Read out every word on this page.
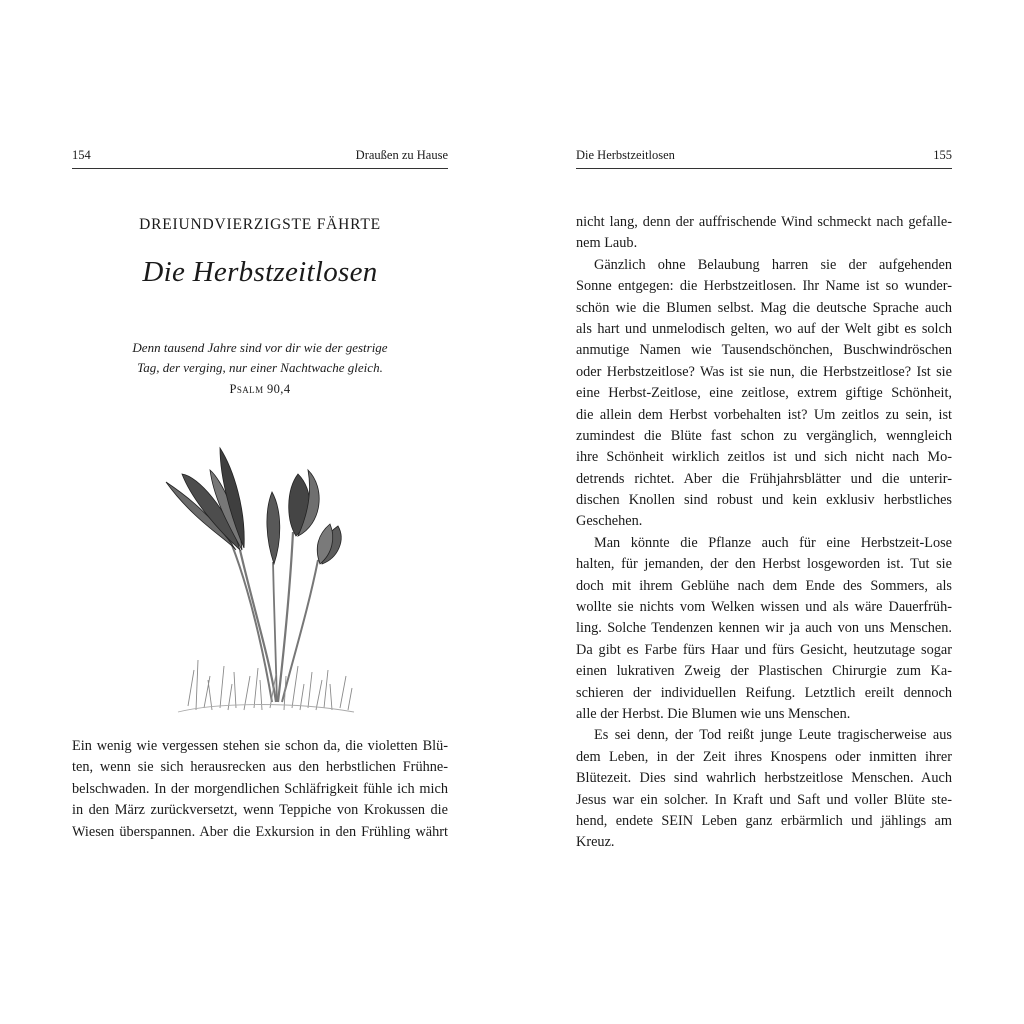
154	Draußen zu Hause
DREIUNDVIERZIGSTE FÄHRTE
Die Herbstzeitlosen
Denn tausend Jahre sind vor dir wie der gestrige
Tag, der verging, nur einer Nachtwache gleich.
Psalm 90,4
Ein wenig wie vergessen stehen sie schon da, die violetten Blü-
ten, wenn sie sich herausrecken aus den herbstlichen Frühne-
belschwaden. In der morgendlichen Schläfrigkeit fühle ich mich
in den März zurückversetzt, wenn Teppiche von Krokussen die
Wiesen überspannen. Aber die Exkursion in den Frühling währt
Die Herbstzeitlosen	155
nicht lang, denn der auffrischende Wind schmeckt nach gefalle-
nem Laub.
Gänzlich ohne Belaubung harren sie der aufgehenden
Sonne entgegen: die Herbstzeitlosen. Ihr Name ist so wunder-
schön wie die Blumen selbst. Mag die deutsche Sprache auch
als hart und unmelodisch gelten, wo auf der Welt gibt es solch
anmutige Namen wie Tausendschönchen, Buschwindröschen
oder Herbstzeitlose? Was ist sie nun, die Herbstzeitlose? Ist sie
eine Herbst-Zeitlose, eine zeitlose, extrem giftige Schönheit,
die allein dem Herbst vorbehalten ist? Um zeitlos zu sein, ist
zumindest die Blüte fast schon zu vergänglich, wenngleich
ihre Schönheit wirklich zeitlos ist und sich nicht nach Mo-
detrends richtet. Aber die Frühjahrsblätter und die unterir-
dischen Knollen sind robust und kein exklusiv herbstliches
Geschehen.
Man könnte die Pflanze auch für eine Herbstzeit-Lose
halten, für jemanden, der den Herbst losgeworden ist. Tut sie
doch mit ihrem Geblühe nach dem Ende des Sommers, als
wollte sie nichts vom Welken wissen und als wäre Dauerfrüh-
ling. Solche Tendenzen kennen wir ja auch von uns Menschen.
Da gibt es Farbe fürs Haar und fürs Gesicht, heutzutage sogar
einen lukrativen Zweig der Plastischen Chirurgie zum Ka-
schieren der individuellen Reifung. Letztlich ereilt dennoch
alle der Herbst. Die Blumen wie uns Menschen.
Es sei denn, der Tod reißt junge Leute tragischerweise aus
dem Leben, in der Zeit ihres Knospens oder inmitten ihrer
Blütezeit. Dies sind wahrlich herbstzeitlose Menschen. Auch
Jesus war ein solcher. In Kraft und Saft und voller Blüte ste-
hend, endete SEIN Leben ganz erbärmlich und jählings am
Kreuz.
